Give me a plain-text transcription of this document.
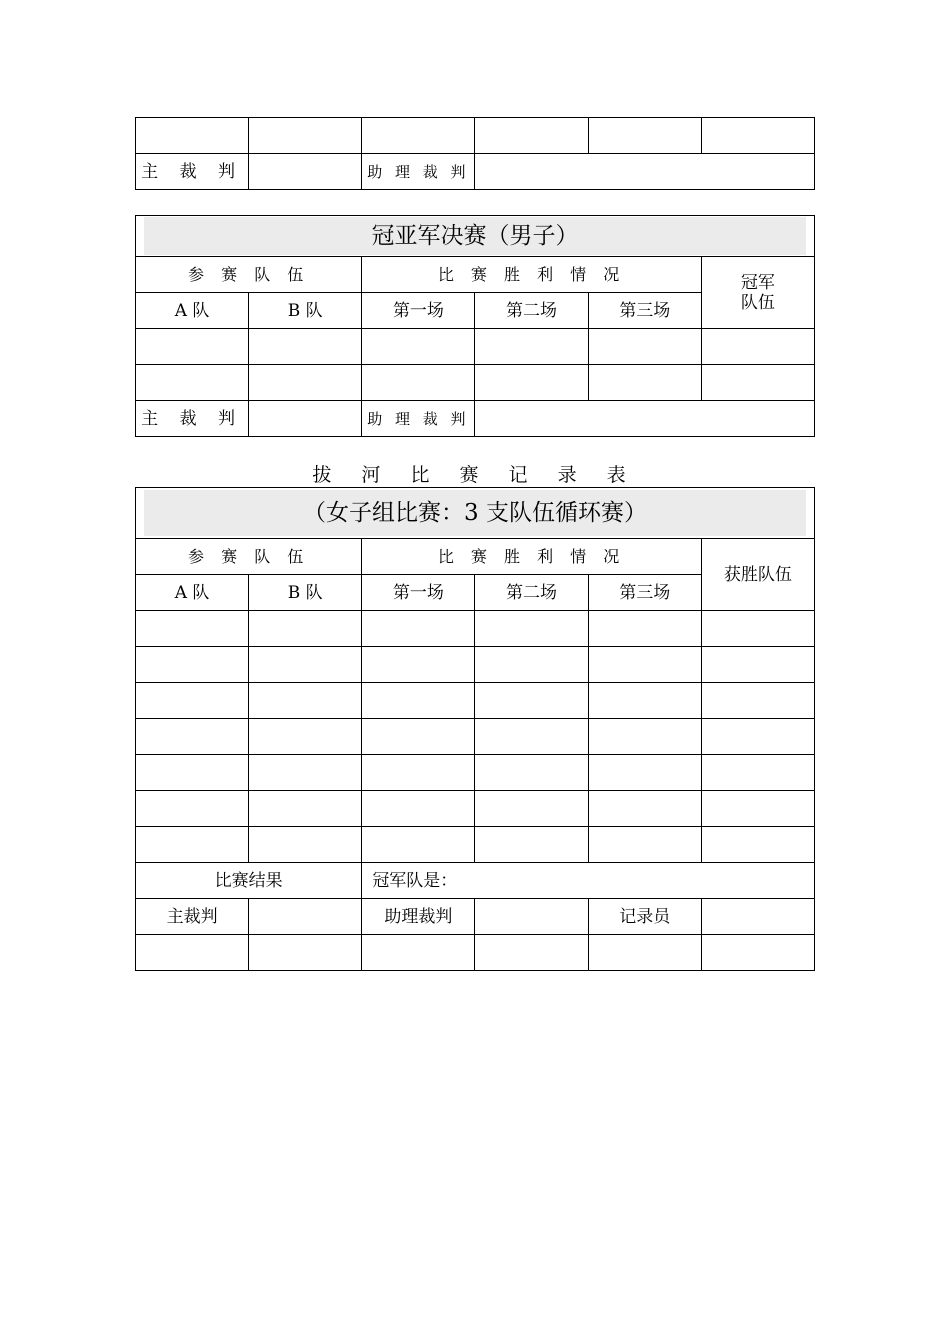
主 裁 判		助 理 裁 判			
冠亚军决赛（男子）					

参 赛 队 伍		比 赛 胜 利 情 况			冠军
队伍
A 队	B 队	第一场	第二场	第三场	

主 裁 判		助 理 裁 判			
拔 河 比 赛 记 录 表
（女子组比赛：3 支队伍循环赛）					

参 赛 队 伍		比 赛 胜 利 情 况			获胜队伍
A 队	B 队	第一场	第二场	第三场	

比赛结果		冠军队是：			
主裁判		助理裁判		记录员	
